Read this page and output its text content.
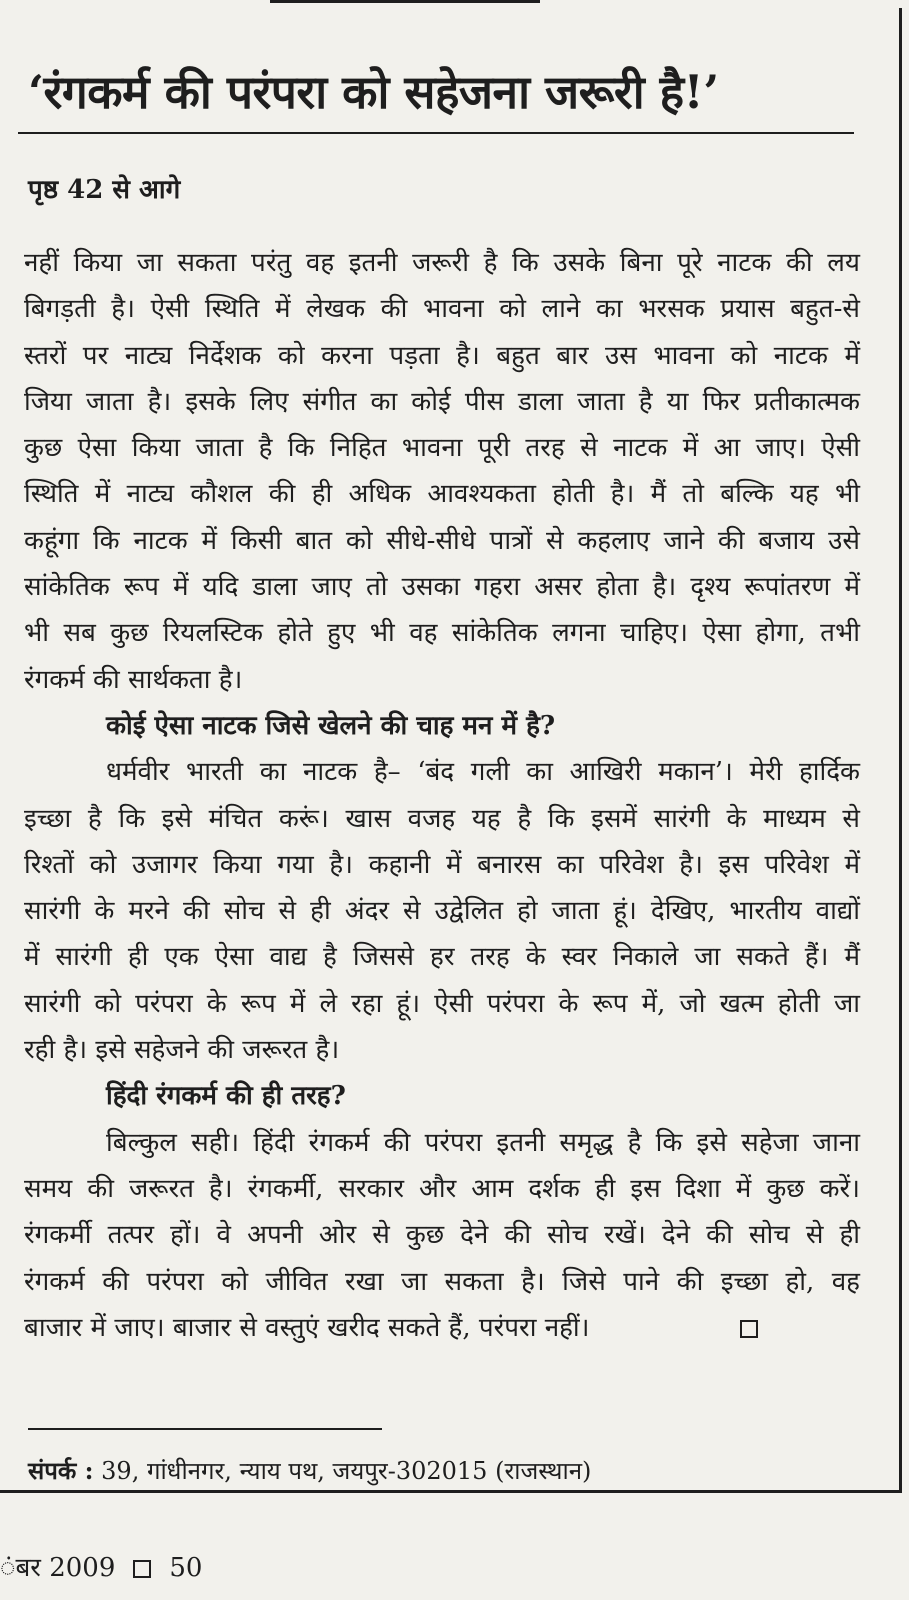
‘रंगकर्म की परंपरा को सहेजना जरूरी है!’
पृष्ठ 42 से आगे
नहीं किया जा सकता परंतु वह इतनी जरूरी है कि उसके बिना पूरे नाटक की लय
बिगड़ती है। ऐसी स्थिति में लेखक की भावना को लाने का भरसक प्रयास बहुत-से
स्तरों पर नाट्य निर्देशक को करना पड़ता है। बहुत बार उस भावना को नाटक में
जिया जाता है। इसके लिए संगीत का कोई पीस डाला जाता है या फिर प्रतीकात्मक
कुछ ऐसा किया जाता है कि निहित भावना पूरी तरह से नाटक में आ जाए। ऐसी
स्थिति में नाट्य कौशल की ही अधिक आवश्यकता होती है। मैं तो बल्कि यह भी
कहूंगा कि नाटक में किसी बात को सीधे-सीधे पात्रों से कहलाए जाने की बजाय उसे
सांकेतिक रूप में यदि डाला जाए तो उसका गहरा असर होता है। दृश्य रूपांतरण में
भी सब कुछ रियलस्टिक होते हुए भी वह सांकेतिक लगना चाहिए। ऐसा होगा, तभी
रंगकर्म की सार्थकता है।
कोई ऐसा नाटक जिसे खेलने की चाह मन में है?
धर्मवीर भारती का नाटक है– ‘बंद गली का आखिरी मकान’। मेरी हार्दिक
इच्छा है कि इसे मंचित करूं। खास वजह यह है कि इसमें सारंगी के माध्यम से
रिश्तों को उजागर किया गया है। कहानी में बनारस का परिवेश है। इस परिवेश में
सारंगी के मरने की सोच से ही अंदर से उद्वेलित हो जाता हूं। देखिए, भारतीय वाद्यों
में सारंगी ही एक ऐसा वाद्य है जिससे हर तरह के स्वर निकाले जा सकते हैं। मैं
सारंगी को परंपरा के रूप में ले रहा हूं। ऐसी परंपरा के रूप में, जो खत्म होती जा
रही है। इसे सहेजने की जरूरत है।
हिंदी रंगकर्म की ही तरह?
बिल्कुल सही। हिंदी रंगकर्म की परंपरा इतनी समृद्ध है कि इसे सहेजा जाना
समय की जरूरत है। रंगकर्मी, सरकार और आम दर्शक ही इस दिशा में कुछ करें।
रंगकर्मी तत्पर हों। वे अपनी ओर से कुछ देने की सोच रखें। देने की सोच से ही
रंगकर्म की परंपरा को जीवित रखा जा सकता है। जिसे पाने की इच्छा हो, वह
बाजार में जाए। बाजार से वस्तुएं खरीद सकते हैं, परंपरा नहीं।
संपर्क : 39, गांधीनगर, न्याय पथ, जयपुर-302015 (राजस्थान)
ंबर 2009 50
